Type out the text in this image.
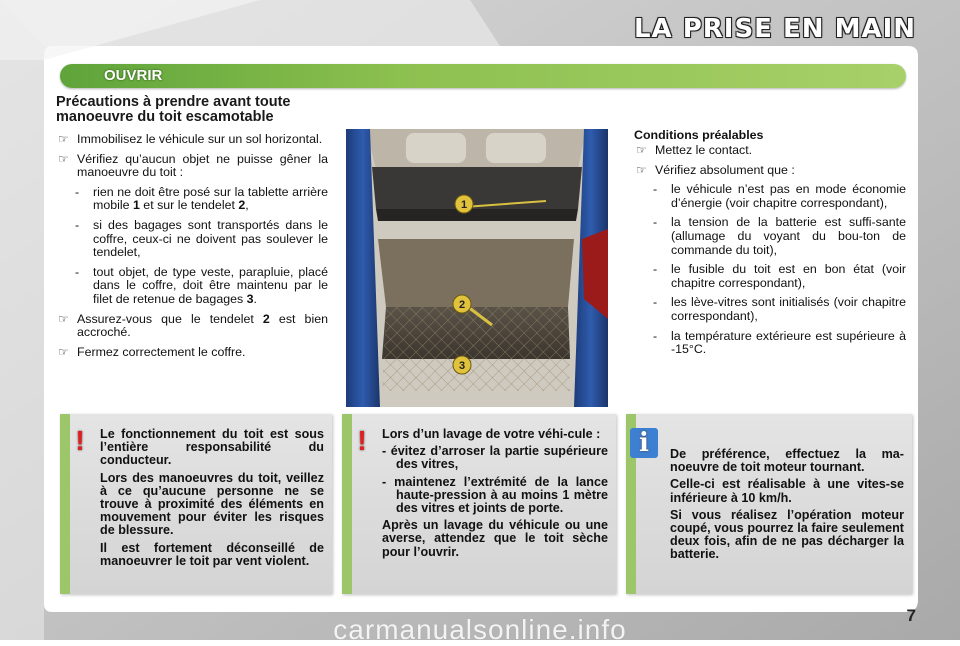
LA PRISE EN MAIN
OUVRIR
Précautions à prendre avant toute manoeuvre du toit escamotable
☞ Immobilisez le véhicule sur un sol horizontal.
☞ Vérifiez qu’aucun objet ne puisse gêner la manoeuvre du toit :
- rien ne doit être posé sur la tablette arrière mobile 1 et sur le tendelet 2,
- si des bagages sont transportés dans le coffre, ceux-ci ne doivent pas soulever le tendelet,
- tout objet, de type veste, parapluie, placé dans le coffre, doit être maintenu par le filet de retenue de bagages 3.
☞ Assurez-vous que le tendelet 2 est bien accroché.
☞ Fermez correctement le coffre.
1
2
3
Conditions préalables
☞ Mettez le contact.
☞ Vérifiez absolument que :
- le véhicule n’est pas en mode économie d’énergie (voir chapitre correspondant),
- la tension de la batterie est suffi-sante (allumage du voyant du bou-ton de commande du toit),
- le fusible du toit est en bon état (voir chapitre correspondant),
- les lève-vitres sont initialisés (voir chapitre correspondant),
- la température extérieure est supérieure à -15°C.
!	Le fonctionnement du toit est sous l’entière responsabilité du conducteur.

Lors des manoeuvres du toit, veillez à ce qu’aucune personne ne se trouve à proximité des éléments en mouvement pour éviter les risques de blessure.

Il est fortement déconseillé de manoeuvrer le toit par vent violent.

!	Lors d’un lavage de votre véhi-cule :

- évitez d’arroser la partie supérieure des vitres,

- maintenez l’extrémité de la lance haute-pression à au moins 1 mètre des vitres et joints de porte.

Après un lavage du véhicule ou une averse, attendez que le toit sèche pour l’ouvrir.

i	De préférence, effectuez la ma-noeuvre de toit moteur tournant.

Celle-ci est réalisable à une vites-se inférieure à 10 km/h.

Si vous réalisez l’opération moteur coupé, vous pourrez la faire seulement deux fois, afin de ne pas décharger la batterie.

7
carmanualsonline.info
